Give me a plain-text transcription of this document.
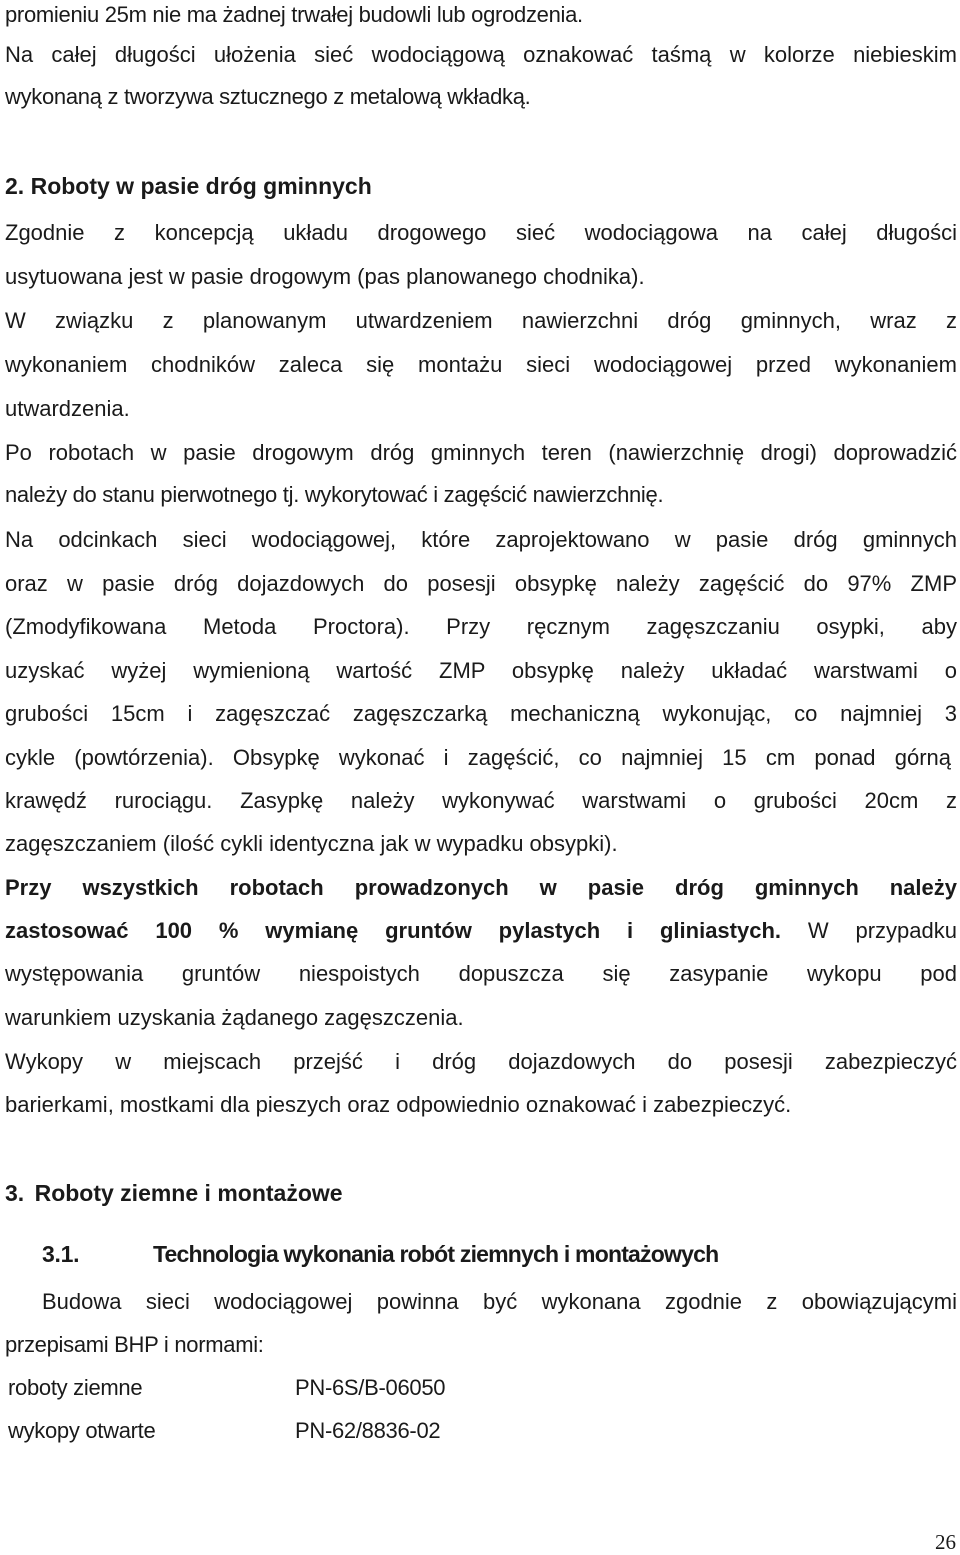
promieniu 25m nie ma żadnej trwałej budowli lub ogrodzenia.
Na całej długości ułożenia sieć wodociągową oznakować taśmą w kolorze niebieskim
wykonaną z tworzywa sztucznego z metalową wkładką.
2. Roboty w pasie dróg gminnych
Zgodnie z koncepcją układu drogowego sieć wodociągowa na całej długości
usytuowana jest w pasie drogowym (pas planowanego chodnika).
W związku z planowanym utwardzeniem nawierzchni dróg gminnych, wraz z
wykonaniem chodników zaleca się montażu sieci wodociągowej przed wykonaniem
utwardzenia.
Po robotach w pasie drogowym dróg gminnych teren (nawierzchnię drogi) doprowadzić
należy do stanu pierwotnego tj. wykorytować i zagęścić nawierzchnię.
Na odcinkach sieci wodociągowej, które zaprojektowano w pasie dróg gminnych
oraz w pasie dróg dojazdowych do posesji obsypkę należy zagęścić do 97% ZMP
(Zmodyfikowana Metoda Proctora). Przy ręcznym zagęszczaniu osypki, aby
uzyskać wyżej wymienioną wartość ZMP obsypkę należy układać warstwami o
grubości 15cm i zagęszczać zagęszczarką mechaniczną wykonując, co najmniej 3
cykle (powtórzenia). Obsypkę wykonać i zagęścić, co najmniej 15 cm ponad górną
krawędź rurociągu. Zasypkę należy wykonywać warstwami o grubości 20cm z
zagęszczaniem (ilość cykli identyczna jak w wypadku obsypki).
Przy wszystkich robotach prowadzonych w pasie dróg gminnych należy
zastosować 100 % wymianę gruntów pylastych i gliniastych. W przypadku
występowania gruntów niespoistych dopuszcza się zasypanie wykopu pod
warunkiem uzyskania żądanego zagęszczenia.
Wykopy w miejscach przejść i dróg dojazdowych do posesji zabezpieczyć
barierkami, mostkami dla pieszych oraz odpowiednio oznakować i zabezpieczyć.
3. Roboty ziemne i montażowe
3.1.	Technologia wykonania robót ziemnych i montażowych
Budowa sieci wodociągowej powinna być wykonana zgodnie z obowiązującymi
przepisami BHP i normami:
roboty ziemne	PN-6S/B-06050
wykopy otwarte	PN-62/8836-02
26
